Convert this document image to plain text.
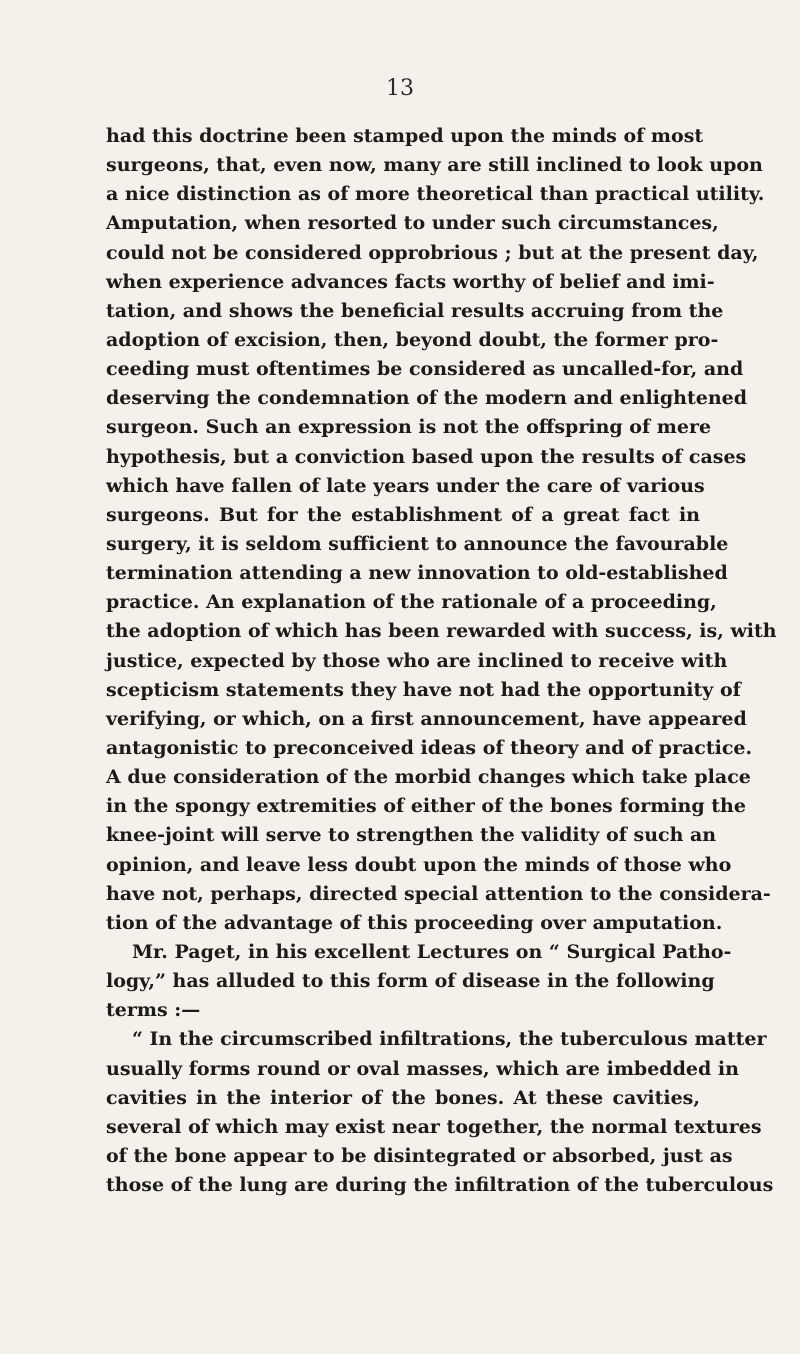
13
had this doctrine been stamped upon the minds of most
surgeons, that, even now, many are still inclined to look upon
a nice distinction as of more theoretical than practical utility.
Amputation, when resorted to under such circumstances,
could not be considered opprobrious ; but at the present day,
when experience advances facts worthy of belief and imi-
tation, and shows the beneficial results accruing from the
adoption of excision, then, beyond doubt, the former pro-
ceeding must oftentimes be considered as uncalled-for, and
deserving the condemnation of the modern and enlightened
surgeon. Such an expression is not the offspring of mere
hypothesis, but a conviction based upon the results of cases
which have fallen of late years under the care of various
surgeons. But for the establishment of a great fact in
surgery, it is seldom sufficient to announce the favourable
termination attending a new innovation to old-established
practice. An explanation of the rationale of a proceeding,
the adoption of which has been rewarded with success, is, with
justice, expected by those who are inclined to receive with
scepticism statements they have not had the opportunity of
verifying, or which, on a first announcement, have appeared
antagonistic to preconceived ideas of theory and of practice.
A due consideration of the morbid changes which take place
in the spongy extremities of either of the bones forming the
knee-joint will serve to strengthen the validity of such an
opinion, and leave less doubt upon the minds of those who
have not, perhaps, directed special attention to the considera-
tion of the advantage of this proceeding over amputation.
Mr. Paget, in his excellent Lectures on “ Surgical Patho-
logy,” has alluded to this form of disease in the following
terms :—
“ In the circumscribed infiltrations, the tuberculous matter
usually forms round or oval masses, which are imbedded in
cavities in the interior of the bones. At these cavities,
several of which may exist near together, the normal textures
of the bone appear to be disintegrated or absorbed, just as
those of the lung are during the infiltration of the tuberculous
